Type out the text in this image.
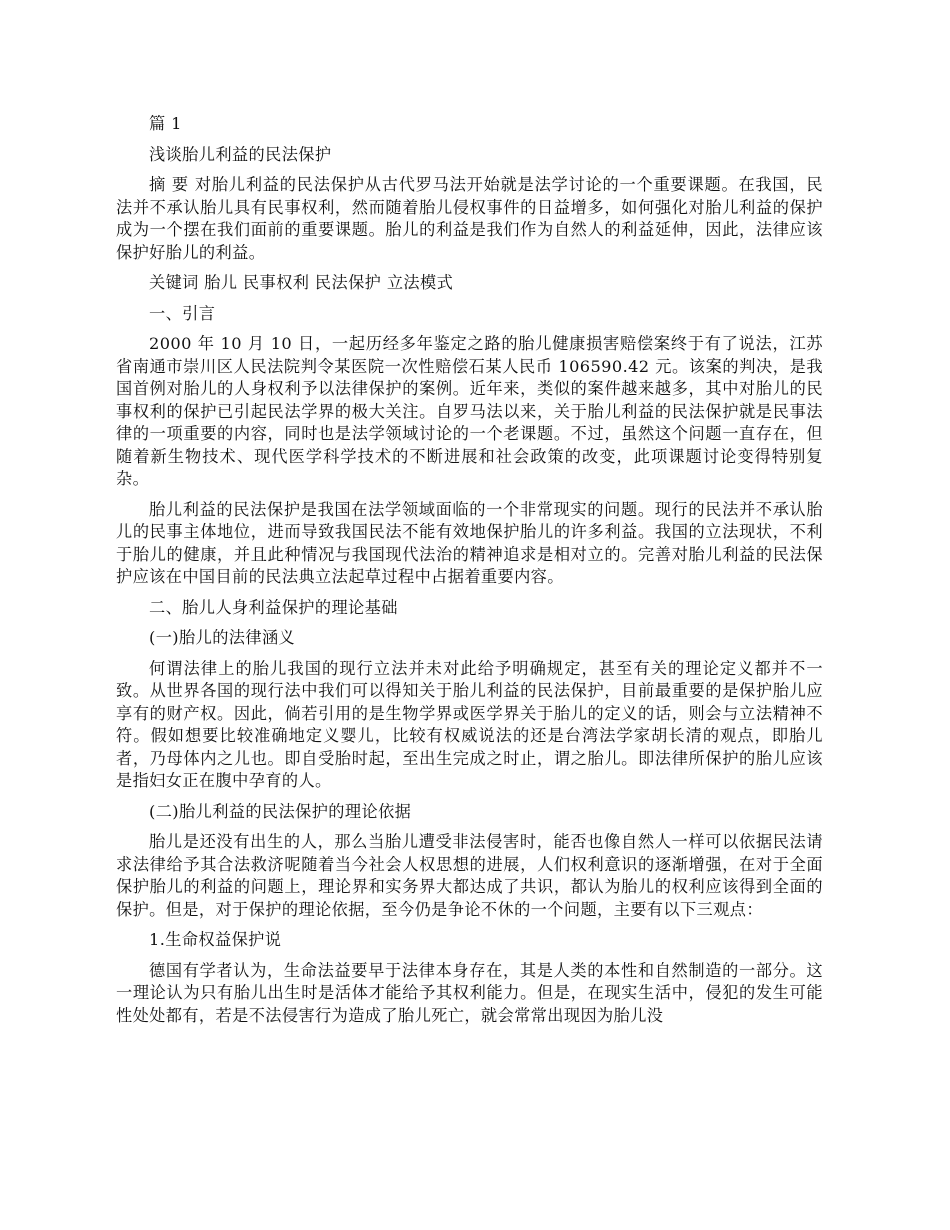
篇 1

浅谈胎儿利益的民法保护

摘 要 对胎儿利益的民法保护从古代罗马法开始就是法学讨论的一个重要课题。在我国，民法并不承认胎儿具有民事权利，然而随着胎儿侵权事件的日益增多，如何强化对胎儿利益的保护成为一个摆在我们面前的重要课题。胎儿的利益是我们作为自然人的利益延伸，因此，法律应该保护好胎儿的利益。

关键词 胎儿 民事权利 民法保护 立法模式

一、引言

2000 年 10 月 10 日，一起历经多年鉴定之路的胎儿健康损害赔偿案终于有了说法，江苏省南通市崇川区人民法院判令某医院一次性赔偿石某人民币 106590.42 元。该案的判决，是我国首例对胎儿的人身权利予以法律保护的案例。近年来，类似的案件越来越多，其中对胎儿的民事权利的保护已引起民法学界的极大关注。自罗马法以来，关于胎儿利益的民法保护就是民事法律的一项重要的内容，同时也是法学领域讨论的一个老课题。不过，虽然这个问题一直存在，但随着新生物技术、现代医学科学技术的不断进展和社会政策的改变，此项课题讨论变得特别复杂。

胎儿利益的民法保护是我国在法学领域面临的一个非常现实的问题。现行的民法并不承认胎儿的民事主体地位，进而导致我国民法不能有效地保护胎儿的许多利益。我国的立法现状，不利于胎儿的健康，并且此种情况与我国现代法治的精神追求是相对立的。完善对胎儿利益的民法保护应该在中国目前的民法典立法起草过程中占据着重要内容。

二、胎儿人身利益保护的理论基础

(一)胎儿的法律涵义

何谓法律上的胎儿我国的现行立法并未对此给予明确规定，甚至有关的理论定义都并不一致。从世界各国的现行法中我们可以得知关于胎儿利益的民法保护，目前最重要的是保护胎儿应享有的财产权。因此，倘若引用的是生物学界或医学界关于胎儿的定义的话，则会与立法精神不符。假如想要比较准确地定义婴儿，比较有权威说法的还是台湾法学家胡长清的观点，即胎儿者，乃母体内之儿也。即自受胎时起，至出生完成之时止，谓之胎儿。即法律所保护的胎儿应该是指妇女正在腹中孕育的人。

(二)胎儿利益的民法保护的理论依据

胎儿是还没有出生的人，那么当胎儿遭受非法侵害时，能否也像自然人一样可以依据民法请求法律给予其合法救济呢随着当今社会人权思想的进展，人们权利意识的逐渐增强，在对于全面保护胎儿的利益的问题上，理论界和实务界大都达成了共识，都认为胎儿的权利应该得到全面的保护。但是，对于保护的理论依据，至今仍是争论不休的一个问题，主要有以下三观点：

1.生命权益保护说

德国有学者认为，生命法益要早于法律本身存在，其是人类的本性和自然制造的一部分。这一理论认为只有胎儿出生时是活体才能给予其权利能力。但是，在现实生活中，侵犯的发生可能性处处都有，若是不法侵害行为造成了胎儿死亡，就会常常出现因为胎儿没
